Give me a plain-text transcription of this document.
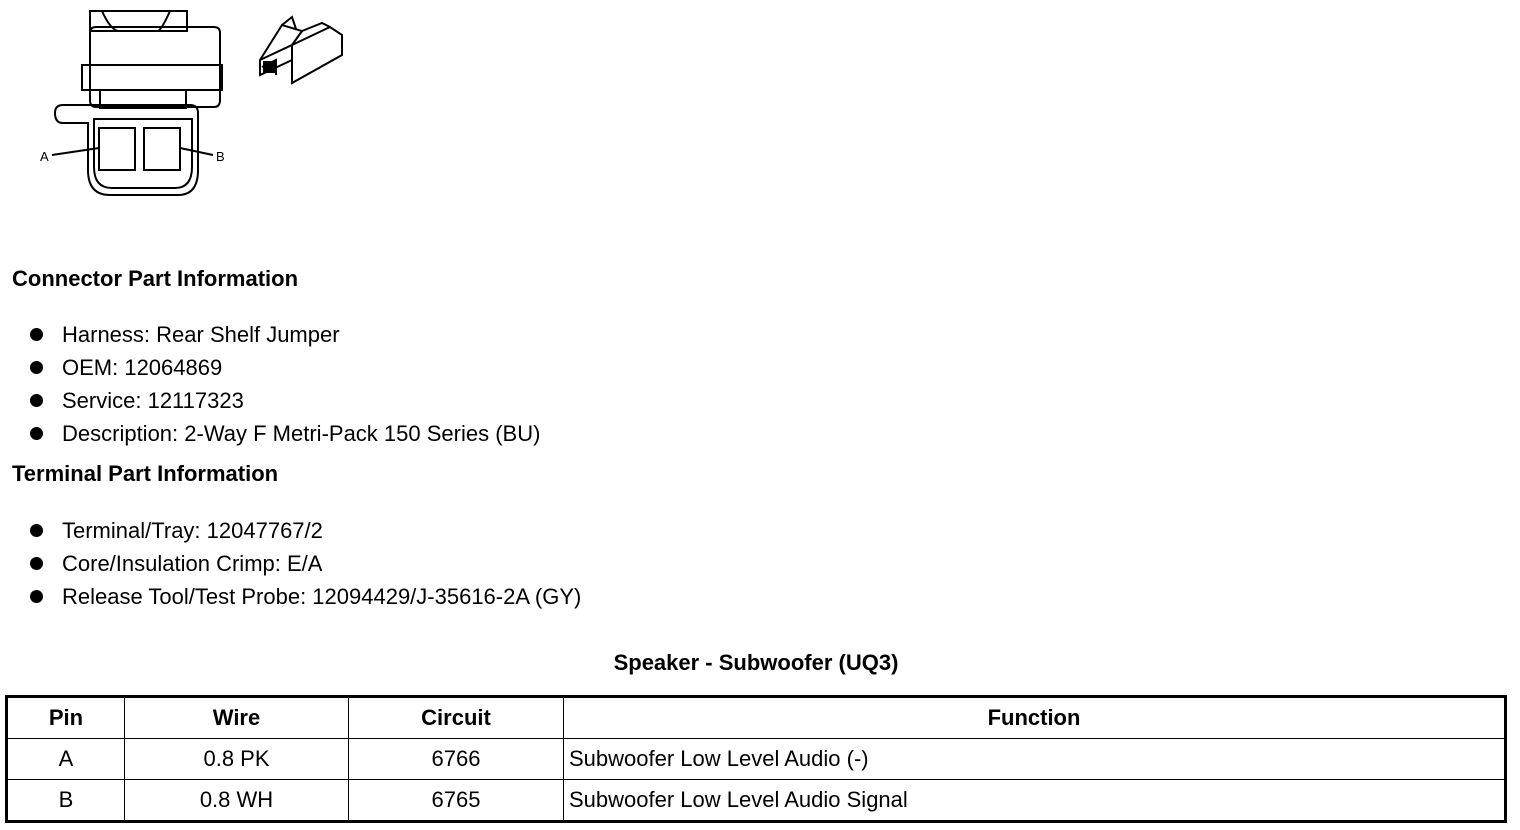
A	B
Connector Part Information
Harness: Rear Shelf Jumper
OEM: 12064869
Service: 12117323
Description: 2-Way F Metri-Pack 150 Series (BU)
Terminal Part Information
Terminal/Tray: 12047767/2
Core/Insulation Crimp: E/A
Release Tool/Test Probe: 12094429/J-35616-2A (GY)
Speaker - Subwoofer (UQ3)
Pin	Wire	Circuit	Function
A	0.8 PK	6766	Subwoofer Low Level Audio (-)
B	0.8 WH	6765	Subwoofer Low Level Audio Signal
